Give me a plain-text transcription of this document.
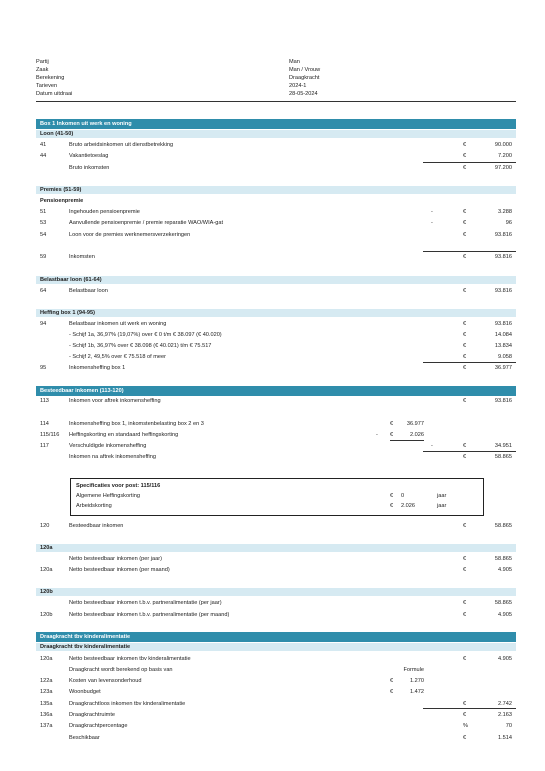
Partij	Man
Zaak	Man / Vrouw
Berekening	Draagkracht
Tarieven	2024-1
Datum uitdraai	28-05-2024
Box 1 Inkomen uit werk en woning
Loon (41-50)
41	Bruto arbeidsinkomen uit dienstbetrekking	€	90.000
44	Vakantietoeslag	€	7.200
Bruto inkomsten	€	97.200
Premies (51-59)
Pensioenpremie
51	Ingehouden pensioenpremie	-	€	3.288
53	Aanvullende pensioenpremie / premie reparatie WAO/WIA-gat	-	€	96
54	Loon voor de premies werknemersverzekeringen	€	93.816
59	Inkomsten	€	93.816
Belastbaar loon (61-64)
64	Belastbaar loon	€	93.816
Heffing box 1 (94-95)
94	Belastbaar inkomen uit werk en woning	€	93.816
- Schijf 1a, 36,97% (19,07%) over € 0 t/m € 38.097 (€ 40.020)	€	14.084
- Schijf 1b, 36,97% over € 38.098 (€ 40.021) t/m € 75.517	€	13.834
- Schijf 2, 49,5% over € 75.518 of meer	€	9.058
95	Inkomensheffing box 1	€	36.977
Besteedbaar inkomen (113-120)
113	Inkomen voor aftrek inkomensheffing	€	93.816
114	Inkomensheffing box 1, inkomstenbelasting box 2 en 3	€ 36.977
115/116 Heffingskorting en standaard heffingskorting	- €	2.026
117	Verschuldigde inkomensheffing	-	€	34.951
Inkomen na aftrek inkomensheffing	€	58.865
Specificaties voor post: 115/116
Algemene Heffingskorting	€ 0	jaar
Arbeidskorting	€ 2.026	jaar
120	Besteedbaar inkomen	€	58.865
120a
Netto besteedbaar inkomen (per jaar)	€	58.865
120a	Netto besteedbaar inkomen (per maand)	€	4.905
120b
Netto besteedbaar inkomen t.b.v. partneralimentatie (per jaar)	€	58.865
120b	Netto besteedbaar inkomen t.b.v. partneralimentatie (per maand)	€	4.905
Draagkracht tbv kinderalimentatie
Draagkracht tbv kinderalimentatie
120a	Netto besteedbaar inkomen tbv kinderalimentatie	€	4.905
Draagkracht wordt berekend op basis van	Formule
122a	Kosten van levensonderhoud	€	1.270
123a	Woonbudget	€	1.472
135a	Draagkrachtloos inkomen tbv kinderalimentatie	€	2.742
136a	Draagkrachtruimte	€	2.163
137a	Draagkrachtpercentage	%	70
Beschikbaar	€	1.514
